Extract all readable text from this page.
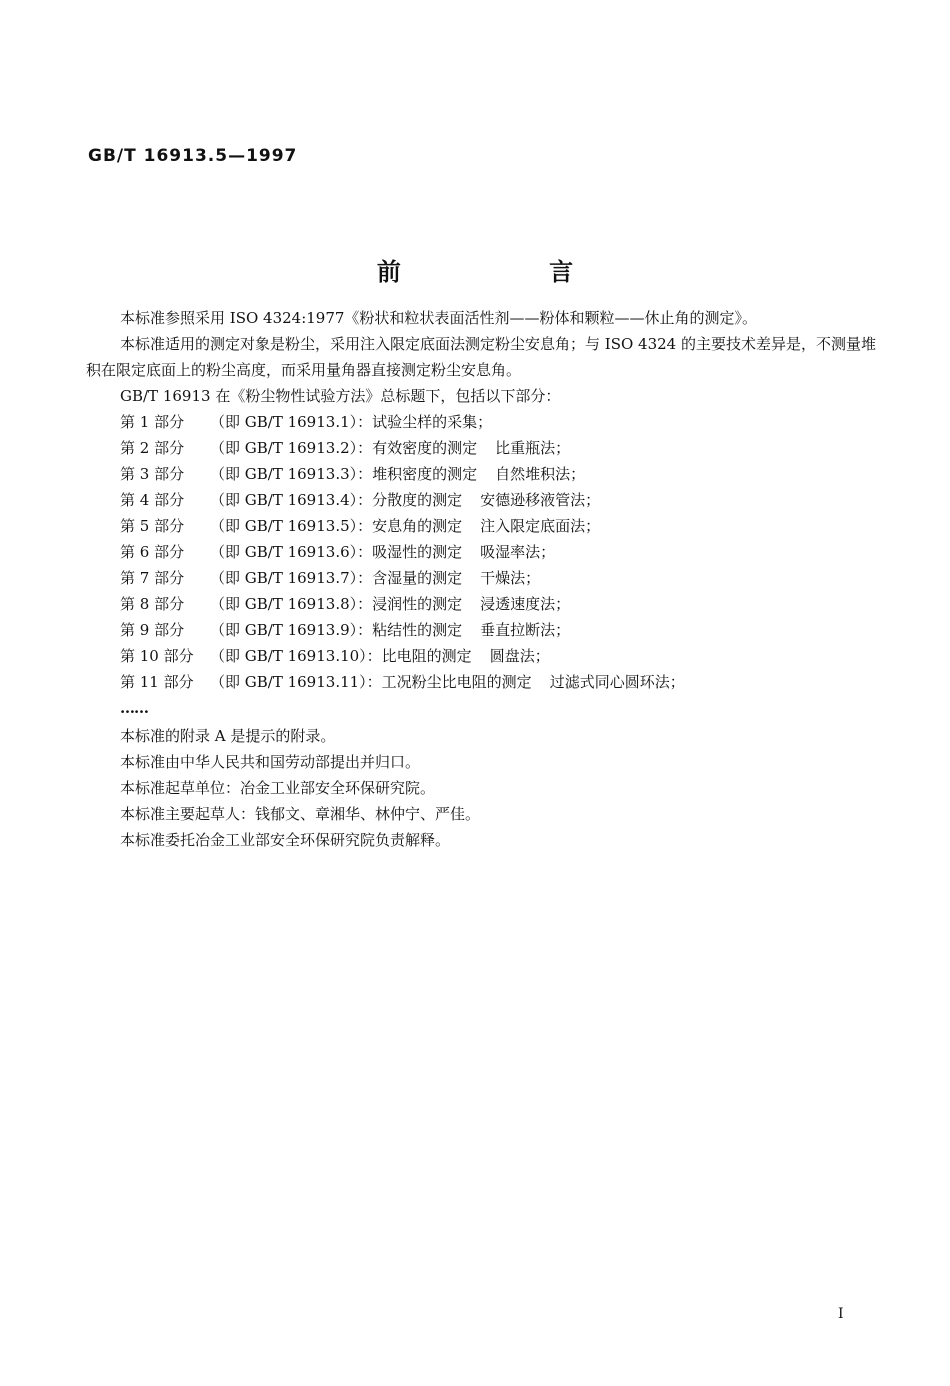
GB/T 16913.5—1997
前 言

本标准参照采用 ISO 4324:1977《粉状和粒状表面活性剂——粉体和颗粒——休止角的测定》。

本标准适用的测定对象是粉尘，采用注入限定底面法测定粉尘安息角；与 ISO 4324 的主要技术差异是，不测量堆积在限定底面上的粉尘高度，而采用量角器直接测定粉尘安息角。

GB/T 16913 在《粉尘物性试验方法》总标题下，包括以下部分：

第 1 部分	（即 GB/T 16913.1）：试验尘样的采集；
第 2 部分	（即 GB/T 16913.2）：有效密度的测定 比重瓶法；
第 3 部分	（即 GB/T 16913.3）：堆积密度的测定 自然堆积法；
第 4 部分	（即 GB/T 16913.4）：分散度的测定 安德逊移液管法；
第 5 部分	（即 GB/T 16913.5）：安息角的测定 注入限定底面法；
第 6 部分	（即 GB/T 16913.6）：吸湿性的测定 吸湿率法；
第 7 部分	（即 GB/T 16913.7）：含湿量的测定 干燥法；
第 8 部分	（即 GB/T 16913.8）：浸润性的测定 浸透速度法；
第 9 部分	（即 GB/T 16913.9）：粘结性的测定 垂直拉断法；
第 10 部分	（即 GB/T 16913.10）：比电阻的测定 圆盘法；
第 11 部分	（即 GB/T 16913.11）：工况粉尘比电阻的测定 过滤式同心圆环法；
……

本标准的附录 A 是提示的附录。

本标准由中华人民共和国劳动部提出并归口。

本标准起草单位：冶金工业部安全环保研究院。

本标准主要起草人：钱郁文、章湘华、林仲宁、严佳。

本标准委托冶金工业部安全环保研究院负责解释。

I
